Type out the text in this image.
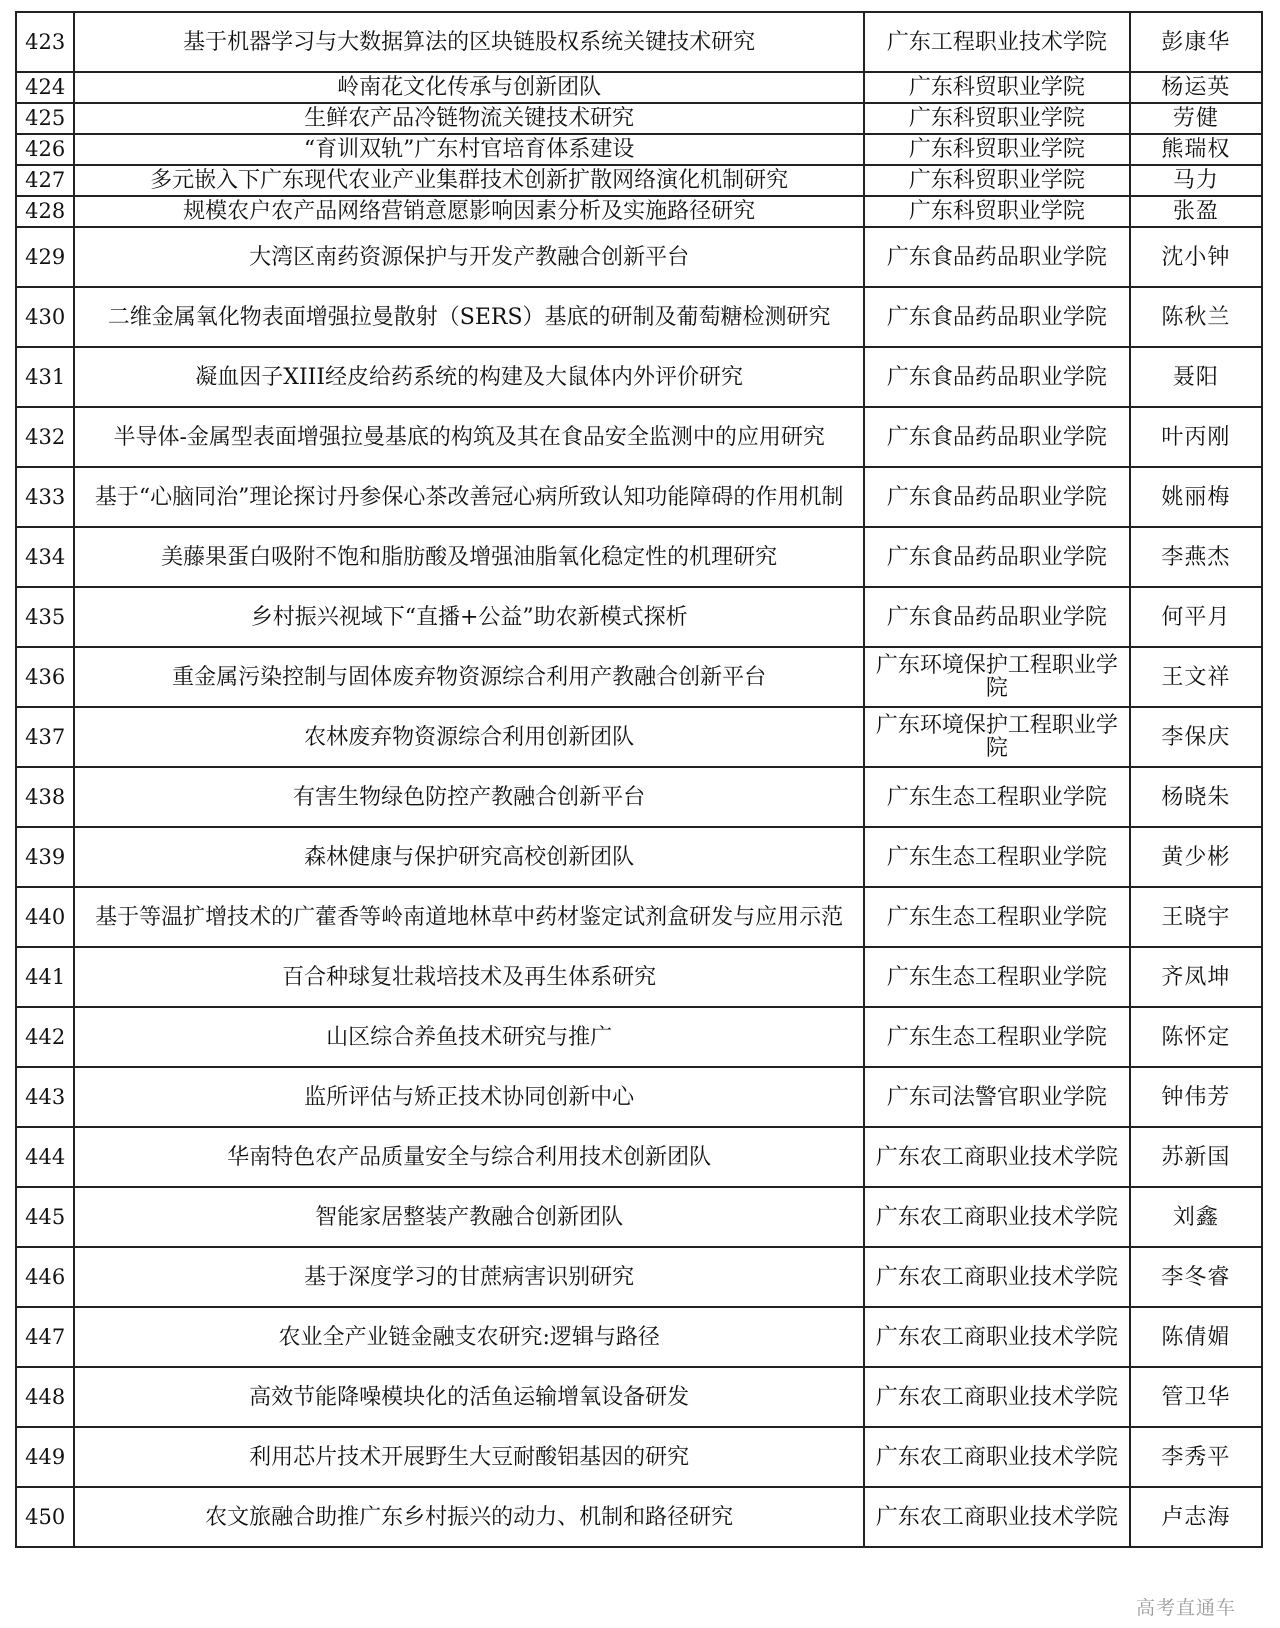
423	基于机器学习与大数据算法的区块链股权系统关键技术研究	广东工程职业技术学院	彭康华
424	岭南花文化传承与创新团队	广东科贸职业学院	杨运英
425	生鲜农产品冷链物流关键技术研究	广东科贸职业学院	劳健
426	“育训双轨”广东村官培育体系建设	广东科贸职业学院	熊瑞权
427	多元嵌入下广东现代农业产业集群技术创新扩散网络演化机制研究	广东科贸职业学院	马力
428	规模农户农产品网络营销意愿影响因素分析及实施路径研究	广东科贸职业学院	张盈
429	大湾区南药资源保护与开发产教融合创新平台	广东食品药品职业学院	沈小钟
430	二维金属氧化物表面增强拉曼散射（SERS）基底的研制及葡萄糖检测研究	广东食品药品职业学院	陈秋兰
431	凝血因子XIII经皮给药系统的构建及大鼠体内外评价研究	广东食品药品职业学院	聂阳
432	半导体-金属型表面增强拉曼基底的构筑及其在食品安全监测中的应用研究	广东食品药品职业学院	叶丙刚
433	基于“心脑同治”理论探讨丹参保心茶改善冠心病所致认知功能障碍的作用机制	广东食品药品职业学院	姚丽梅
434	美藤果蛋白吸附不饱和脂肪酸及增强油脂氧化稳定性的机理研究	广东食品药品职业学院	李燕杰
435	乡村振兴视域下“直播+公益”助农新模式探析	广东食品药品职业学院	何平月
436	重金属污染控制与固体废弃物资源综合利用产教融合创新平台	广东环境保护工程职业学院	王文祥
437	农林废弃物资源综合利用创新团队	广东环境保护工程职业学院	李保庆
438	有害生物绿色防控产教融合创新平台	广东生态工程职业学院	杨晓朱
439	森林健康与保护研究高校创新团队	广东生态工程职业学院	黄少彬
440	基于等温扩增技术的广藿香等岭南道地林草中药材鉴定试剂盒研发与应用示范	广东生态工程职业学院	王晓宇
441	百合种球复壮栽培技术及再生体系研究	广东生态工程职业学院	齐凤坤
442	山区综合养鱼技术研究与推广	广东生态工程职业学院	陈怀定
443	监所评估与矫正技术协同创新中心	广东司法警官职业学院	钟伟芳
444	华南特色农产品质量安全与综合利用技术创新团队	广东农工商职业技术学院	苏新国
445	智能家居整装产教融合创新团队	广东农工商职业技术学院	刘鑫
446	基于深度学习的甘蔗病害识别研究	广东农工商职业技术学院	李冬睿
447	农业全产业链金融支农研究:逻辑与路径	广东农工商职业技术学院	陈倩媚
448	高效节能降噪模块化的活鱼运输增氧设备研发	广东农工商职业技术学院	管卫华
449	利用芯片技术开展野生大豆耐酸铝基因的研究	广东农工商职业技术学院	李秀平
450	农文旅融合助推广东乡村振兴的动力、机制和路径研究	广东农工商职业技术学院	卢志海
高考直通车
